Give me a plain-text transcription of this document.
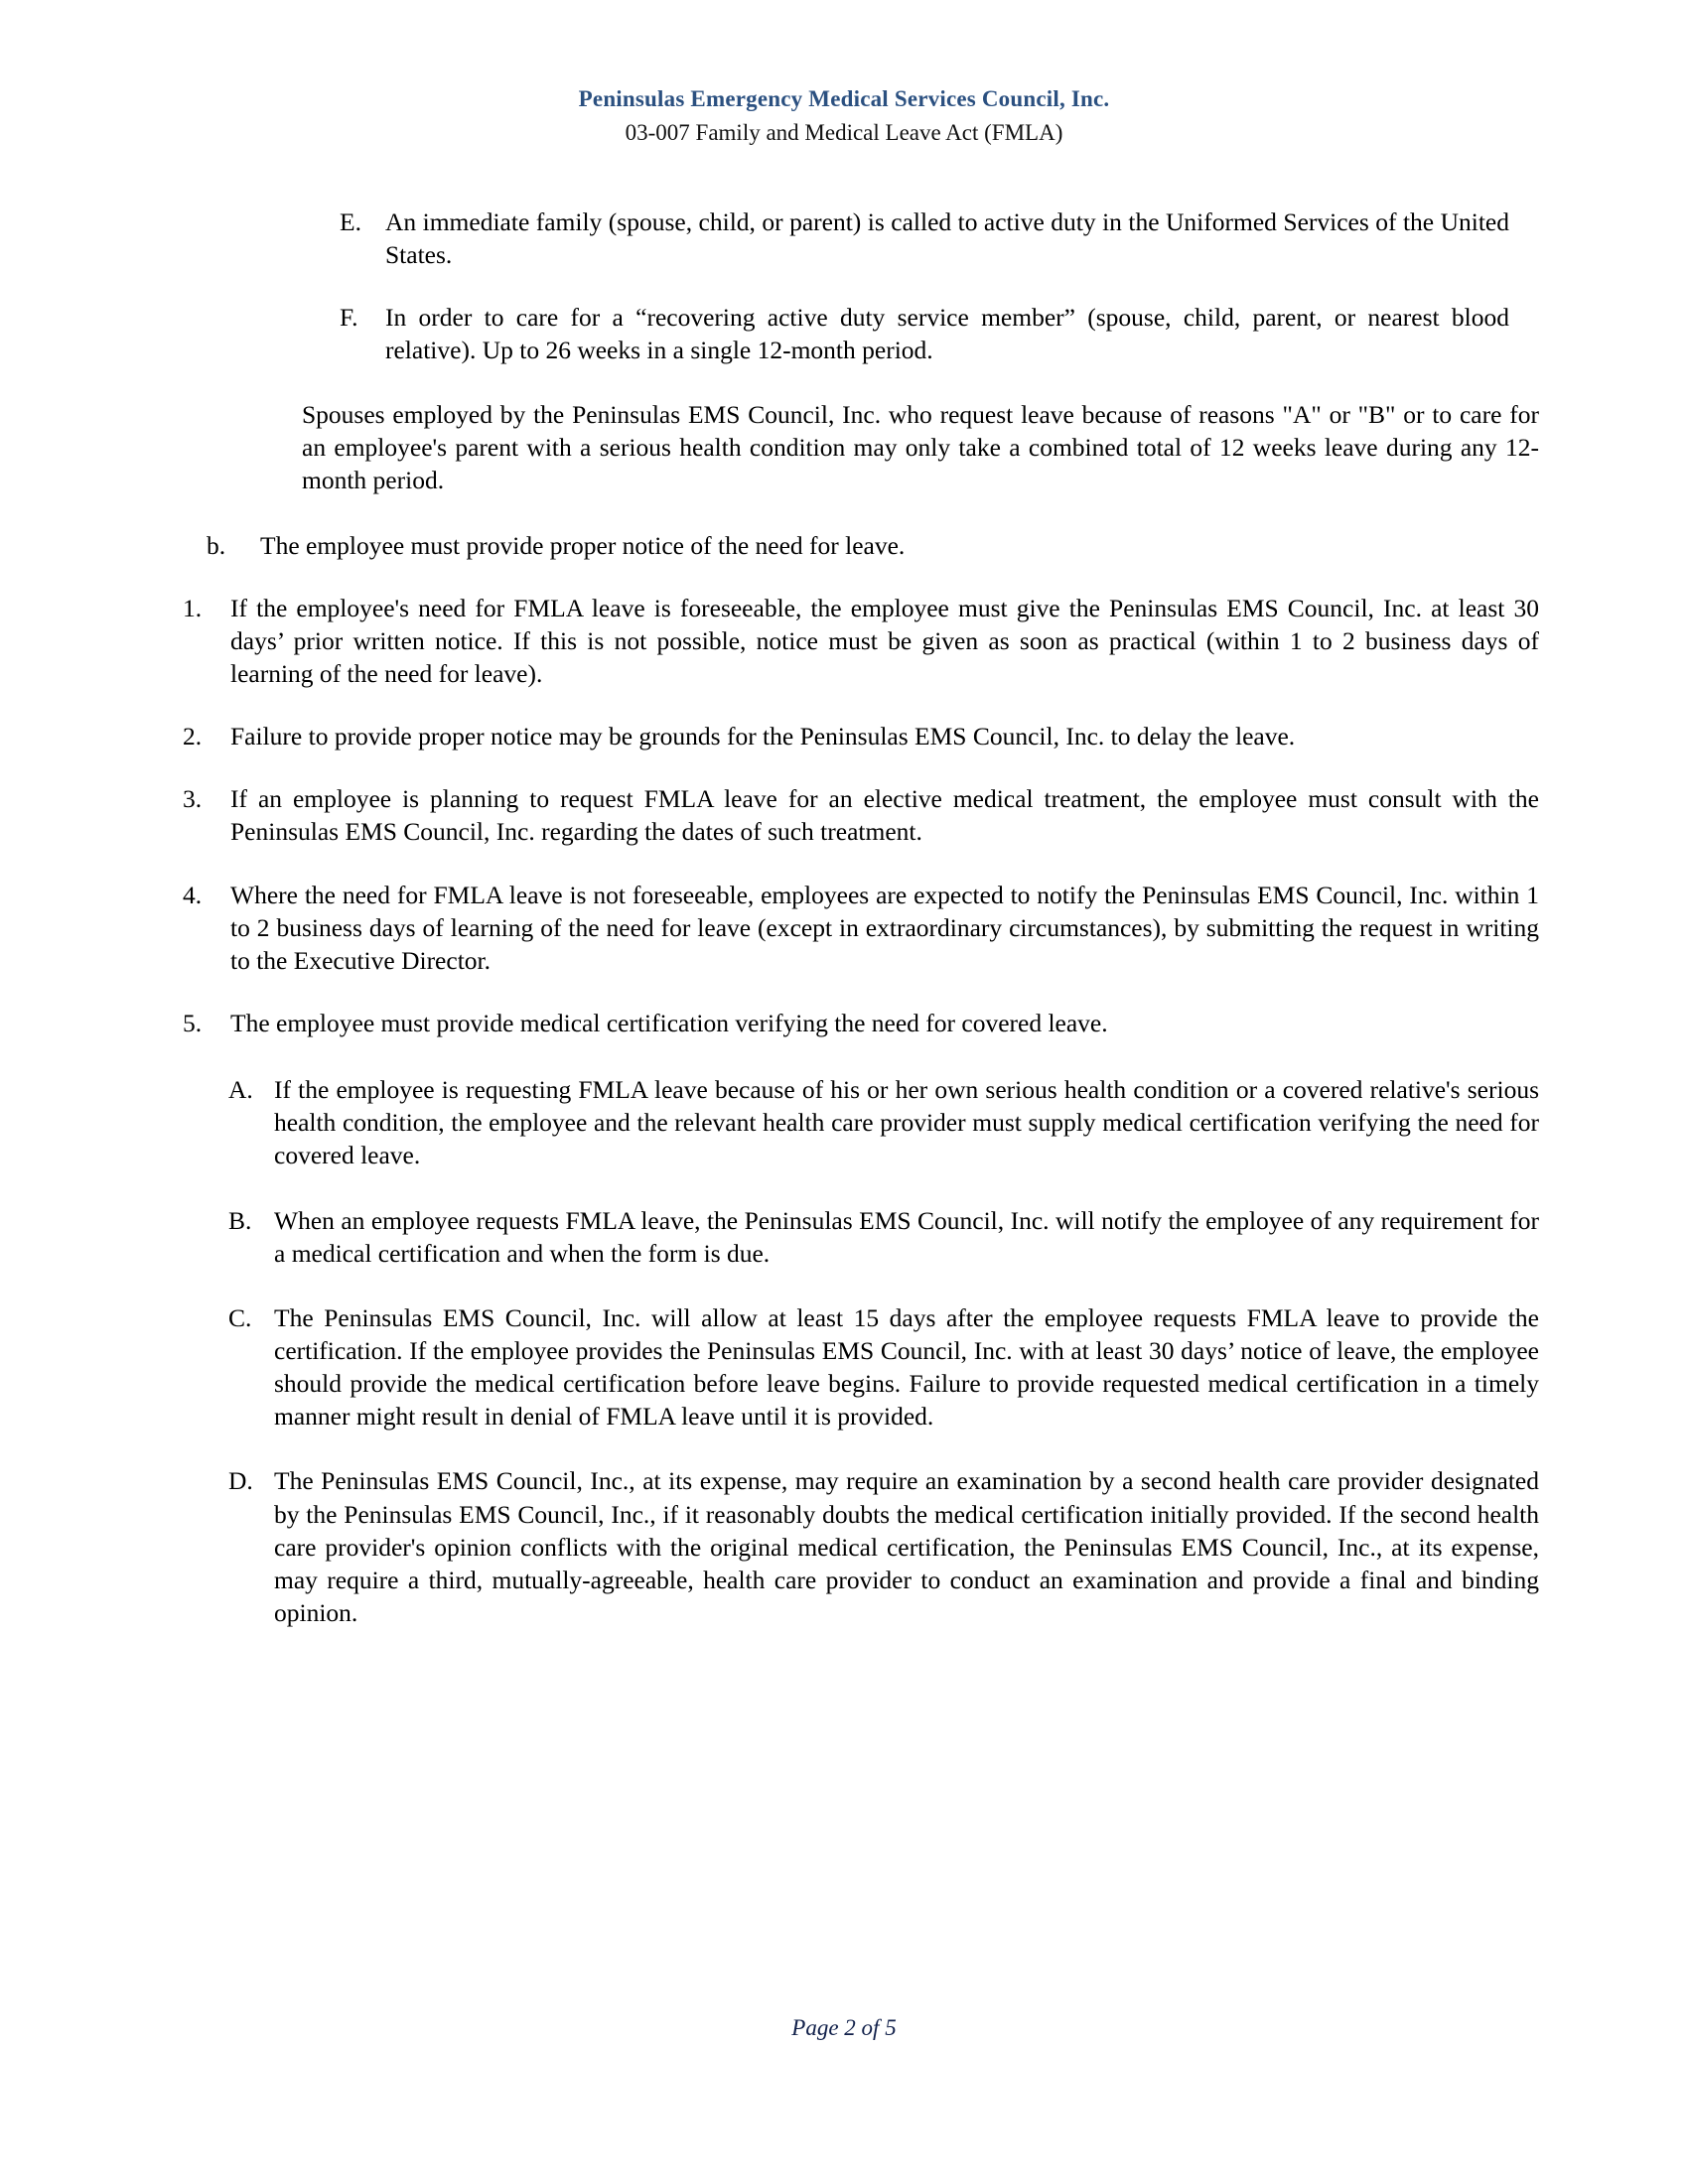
Peninsulas Emergency Medical Services Council, Inc.
03-007 Family and Medical Leave Act (FMLA)
E. An immediate family (spouse, child, or parent) is called to active duty in the Uniformed Services of the United States.
F.	In order to care for a “recovering active duty service member” (spouse, child, parent, or nearest blood relative). Up to 26 weeks in a single 12-month period.
Spouses employed by the Peninsulas EMS Council, Inc. who request leave because of reasons "A" or "B" or to care for an employee's parent with a serious health condition may only take a combined total of 12 weeks leave during any 12-month period.
b.	The employee must provide proper notice of the need for leave.
1.	If the employee's need for FMLA leave is foreseeable, the employee must give the Peninsulas EMS Council, Inc. at least 30 days’ prior written notice. If this is not possible, notice must be given as soon as practical (within 1 to 2 business days of learning of the need for leave).
2.	Failure to provide proper notice may be grounds for the Peninsulas EMS Council, Inc. to delay the leave.
3.	If an employee is planning to request FMLA leave for an elective medical treatment, the employee must consult with the Peninsulas EMS Council, Inc. regarding the dates of such treatment.
4.	Where the need for FMLA leave is not foreseeable, employees are expected to notify the Peninsulas EMS Council, Inc. within 1 to 2 business days of learning of the need for leave (except in extraordinary circumstances), by submitting the request in writing to the Executive Director.
5.	The employee must provide medical certification verifying the need for covered leave.
A. If the employee is requesting FMLA leave because of his or her own serious health condition or a covered relative's serious health condition, the employee and the relevant health care provider must supply medical certification verifying the need for covered leave.
B. When an employee requests FMLA leave, the Peninsulas EMS Council, Inc. will notify the employee of any requirement for a medical certification and when the form is due.
C. The Peninsulas EMS Council, Inc. will allow at least 15 days after the employee requests FMLA leave to provide the certification. If the employee provides the Peninsulas EMS Council, Inc. with at least 30 days’ notice of leave, the employee should provide the medical certification before leave begins. Failure to provide requested medical certification in a timely manner might result in denial of FMLA leave until it is provided.
D. The Peninsulas EMS Council, Inc., at its expense, may require an examination by a second health care provider designated by the Peninsulas EMS Council, Inc., if it reasonably doubts the medical certification initially provided. If the second health care provider's opinion conflicts with the original medical certification, the Peninsulas EMS Council, Inc., at its expense, may require a third, mutually-agreeable, health care provider to conduct an examination and provide a final and binding opinion.
Page 2 of 5
